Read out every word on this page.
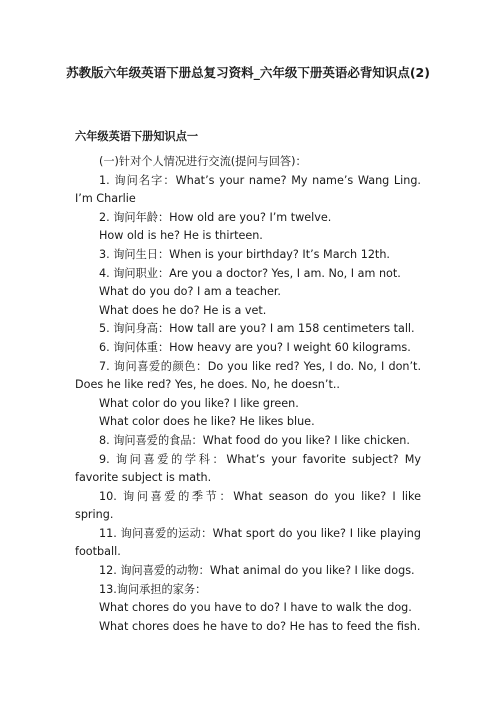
苏教版六年级英语下册总复习资料_六年级下册英语必背知识点(2)
六年级英语下册知识点一

(一)针对个人情况进行交流(提问与回答)：

1. 询问名字：What’s your name? My name’s Wang Ling. I’m Charlie

2. 询问年龄：How old are you? I’m twelve.

How old is he? He is thirteen.

3. 询问生日：When is your birthday? It’s March 12th.

4. 询问职业：Are you a doctor? Yes, I am. No, I am not.

What do you do? I am a teacher.

What does he do? He is a vet.

5. 询问身高：How tall are you? I am 158 centimeters tall.

6. 询问体重：How heavy are you? I weight 60 kilograms.

7. 询问喜爱的颜色：Do you like red? Yes, I do. No, I don’t. Does he like red? Yes, he does. No, he doesn’t..

What color do you like? I like green.

What color does he like? He likes blue.

8. 询问喜爱的食品：What food do you like? I like chicken.

9. 询问喜爱的学科：What’s your favorite subject? My favorite subject is math.

10. 询问喜爱的季节：What season do you like? I like spring.

11. 询问喜爱的运动：What sport do you like? I like playing football.

12. 询问喜爱的动物：What animal do you like? I like dogs.

13.询问承担的家务：

What chores do you have to do? I have to walk the dog.

What chores does he have to do? He has to feed the fish.
